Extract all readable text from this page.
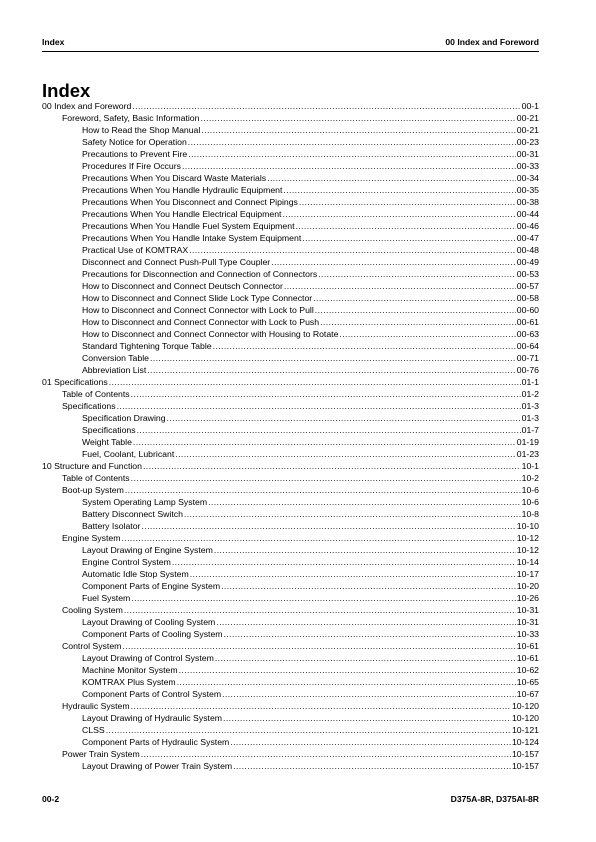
Index	00 Index and Foreword
Index
00 Index and Foreword .....	00-1
Foreword, Safety, Basic Information .....	00-21
How to Read the Shop Manual .....	00-21
Safety Notice for Operation .....	00-23
Precautions to Prevent Fire .....	00-31
Procedures If Fire Occurs .....	00-33
Precautions When You Discard Waste Materials .....	00-34
Precautions When You Handle Hydraulic Equipment .....	00-35
Precautions When You Disconnect and Connect Pipings .....	00-38
Precautions When You Handle Electrical Equipment .....	00-44
Precautions When You Handle Fuel System Equipment .....	00-46
Precautions When You Handle Intake System Equipment .....	00-47
Practical Use of KOMTRAX .....	00-48
Disconnect and Connect Push-Pull Type Coupler .....	00-49
Precautions for Disconnection and Connection of Connectors .....	00-53
How to Disconnect and Connect Deutsch Connector .....	00-57
How to Disconnect and Connect Slide Lock Type Connector .....	00-58
How to Disconnect and Connect Connector with Lock to Pull .....	00-60
How to Disconnect and Connect Connector with Lock to Push .....	00-61
How to Disconnect and Connect Connector with Housing to Rotate .....	00-63
Standard Tightening Torque Table .....	00-64
Conversion Table .....	00-71
Abbreviation List .....	00-76
01 Specifications .....	01-1
Table of Contents .....	01-2
Specifications .....	01-3
Specification Drawing .....	01-3
Specifications .....	01-7
Weight Table .....	01-19
Fuel, Coolant, Lubricant .....	01-23
10 Structure and Function .....	10-1
Table of Contents .....	10-2
Boot-up System .....	10-6
System Operating Lamp System .....	10-6
Battery Disconnect Switch .....	10-8
Battery Isolator .....	10-10
Engine System .....	10-12
Layout Drawing of Engine System .....	10-12
Engine Control System .....	10-14
Automatic Idle Stop System .....	10-17
Component Parts of Engine System .....	10-20
Fuel System .....	10-26
Cooling System .....	10-31
Layout Drawing of Cooling System .....	10-31
Component Parts of Cooling System .....	10-33
Control System .....	10-61
Layout Drawing of Control System .....	10-61
Machine Monitor System .....	10-62
KOMTRAX Plus System .....	10-65
Component Parts of Control System .....	10-67
Hydraulic System .....	10-120
Layout Drawing of Hydraulic System .....	10-120
CLSS .....	10-121
Component Parts of Hydraulic System .....	10-124
Power Train System .....	10-157
Layout Drawing of Power Train System .....	10-157
00-2	D375A-8R, D375AI-8R
